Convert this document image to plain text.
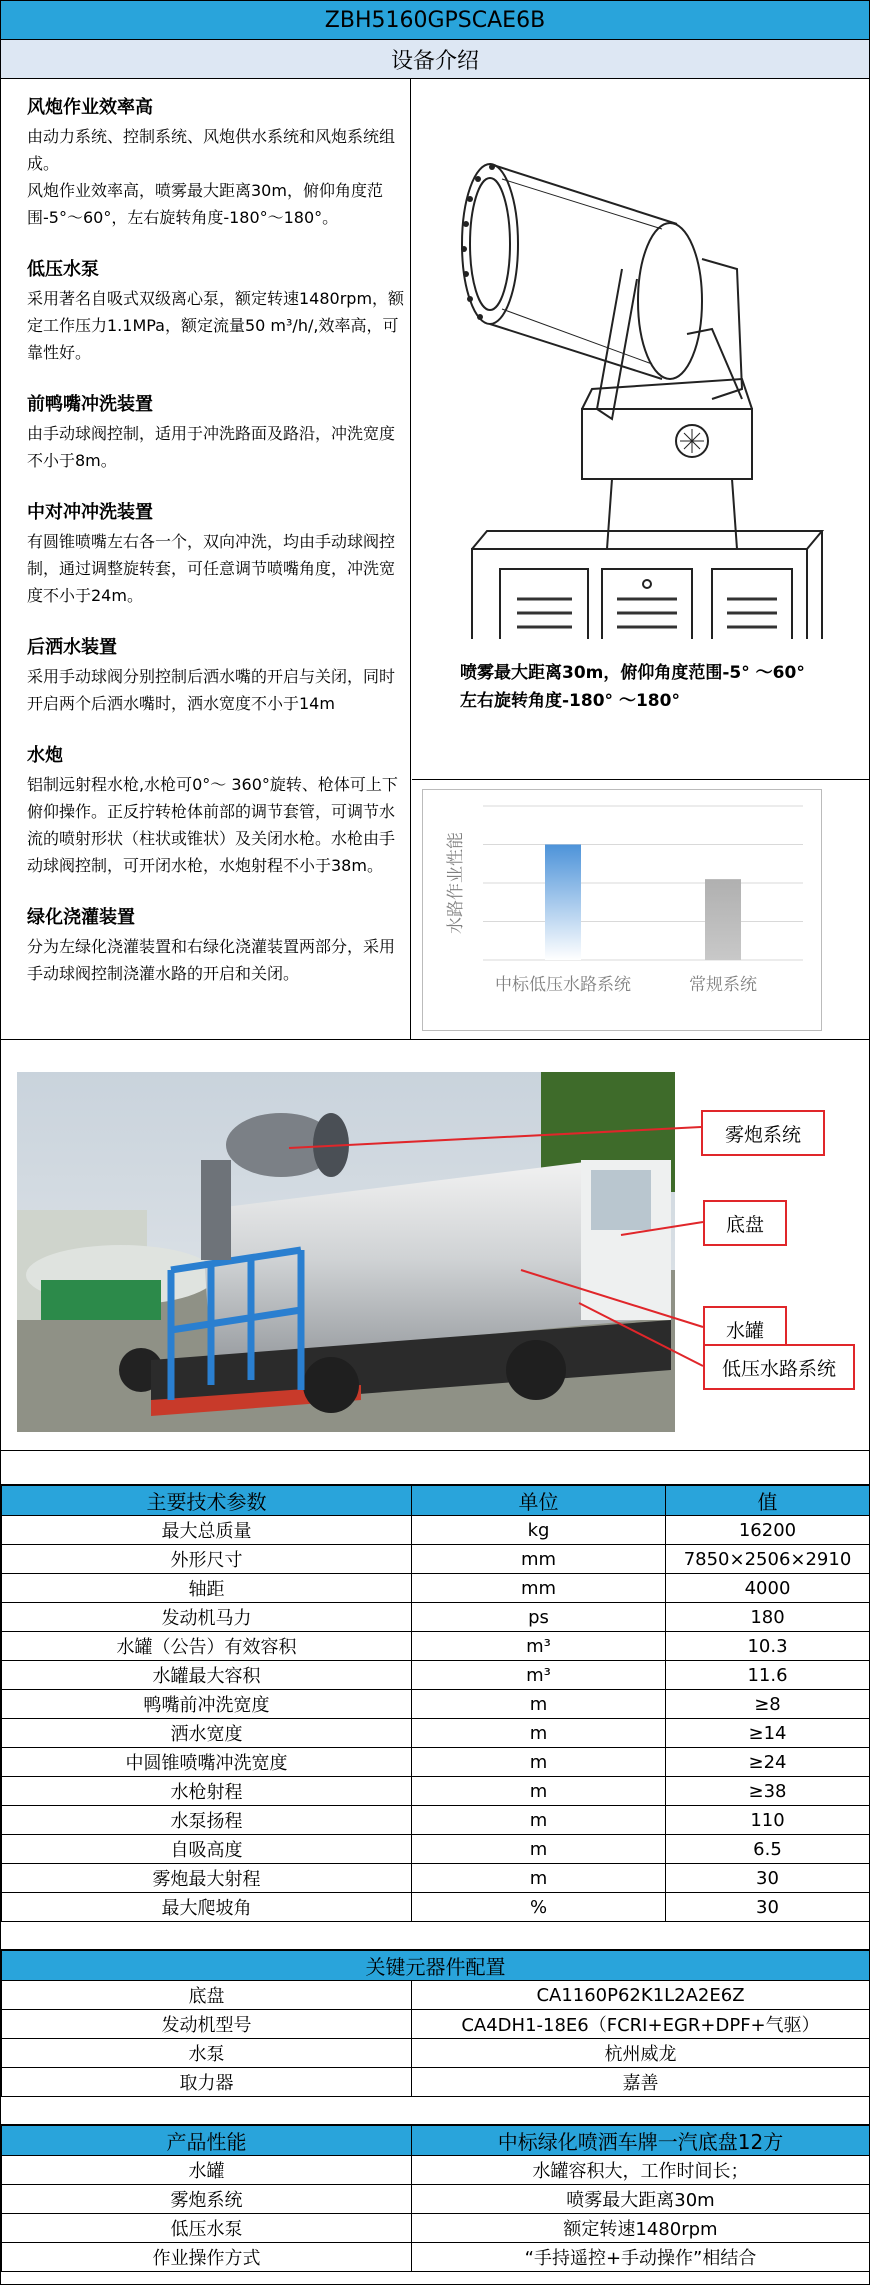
ZBH5160GPSCAE6B
设备介绍
风炮作业效率高

由动力系统、控制系统、风炮供水系统和风炮系统组成。
风炮作业效率高，喷雾最大距离30m，俯仰角度范围-5°～60°，左右旋转角度-180°～180°。

低压水泵

采用著名自吸式双级离心泵，额定转速1480rpm，额定工作压力1.1MPa，额定流量50 m³/h/,效率高，可靠性好。

前鸭嘴冲洗装置

由手动球阀控制，适用于冲洗路面及路沿，冲洗宽度不小于8m。

中对冲冲洗装置

有圆锥喷嘴左右各一个，双向冲洗，均由手动球阀控制，通过调整旋转套，可任意调节喷嘴角度，冲洗宽度不小于24m。

后洒水装置

采用手动球阀分别控制后洒水嘴的开启与关闭，同时开启两个后洒水嘴时，洒水宽度不小于14m

水炮

铝制远射程水枪,水枪可0°～ 360°旋转、枪体可上下俯仰操作。正反拧转枪体前部的调节套管，可调节水流的喷射形状（柱状或锥状）及关闭水枪。水枪由手动球阀控制，可开闭水枪，水炮射程不小于38m。

绿化浇灌装置

分为左绿化浇灌装置和右绿化浇灌装置两部分，采用手动球阀控制浇灌水路的开启和关闭。

喷雾最大距离30m，俯仰角度范围-5° ～60°
左右旋转角度-180° ～180°
中标低压水路系统	常规系统
水路作业性能
雾炮系统
底盘
水罐
低压水路系统
主要技术参数	单位	值
最大总质量	kg	16200
外形尺寸	mm	7850×2506×2910
轴距	mm	4000
发动机马力	ps	180
水罐（公告）有效容积	m³	10.3
水罐最大容积	m³	11.6
鸭嘴前冲洗宽度	m	≥8
洒水宽度	m	≥14
中圆锥喷嘴冲洗宽度	m	≥24
水枪射程	m	≥38
水泵扬程	m	110
自吸高度	m	6.5
雾炮最大射程	m	30
最大爬坡角	%	30
关键元器件配置	
底盘	CA1160P62K1L2A2E6Z
发动机型号	CA4DH1-18E6（FCRI+EGR+DPF+气驱）
水泵	杭州威龙
取力器	嘉善
产品性能	中标绿化喷洒车牌一汽底盘12方
水罐	水罐容积大，工作时间长；
雾炮系统	喷雾最大距离30m
低压水泵	额定转速1480rpm
作业操作方式	“手持遥控+手动操作”相结合
